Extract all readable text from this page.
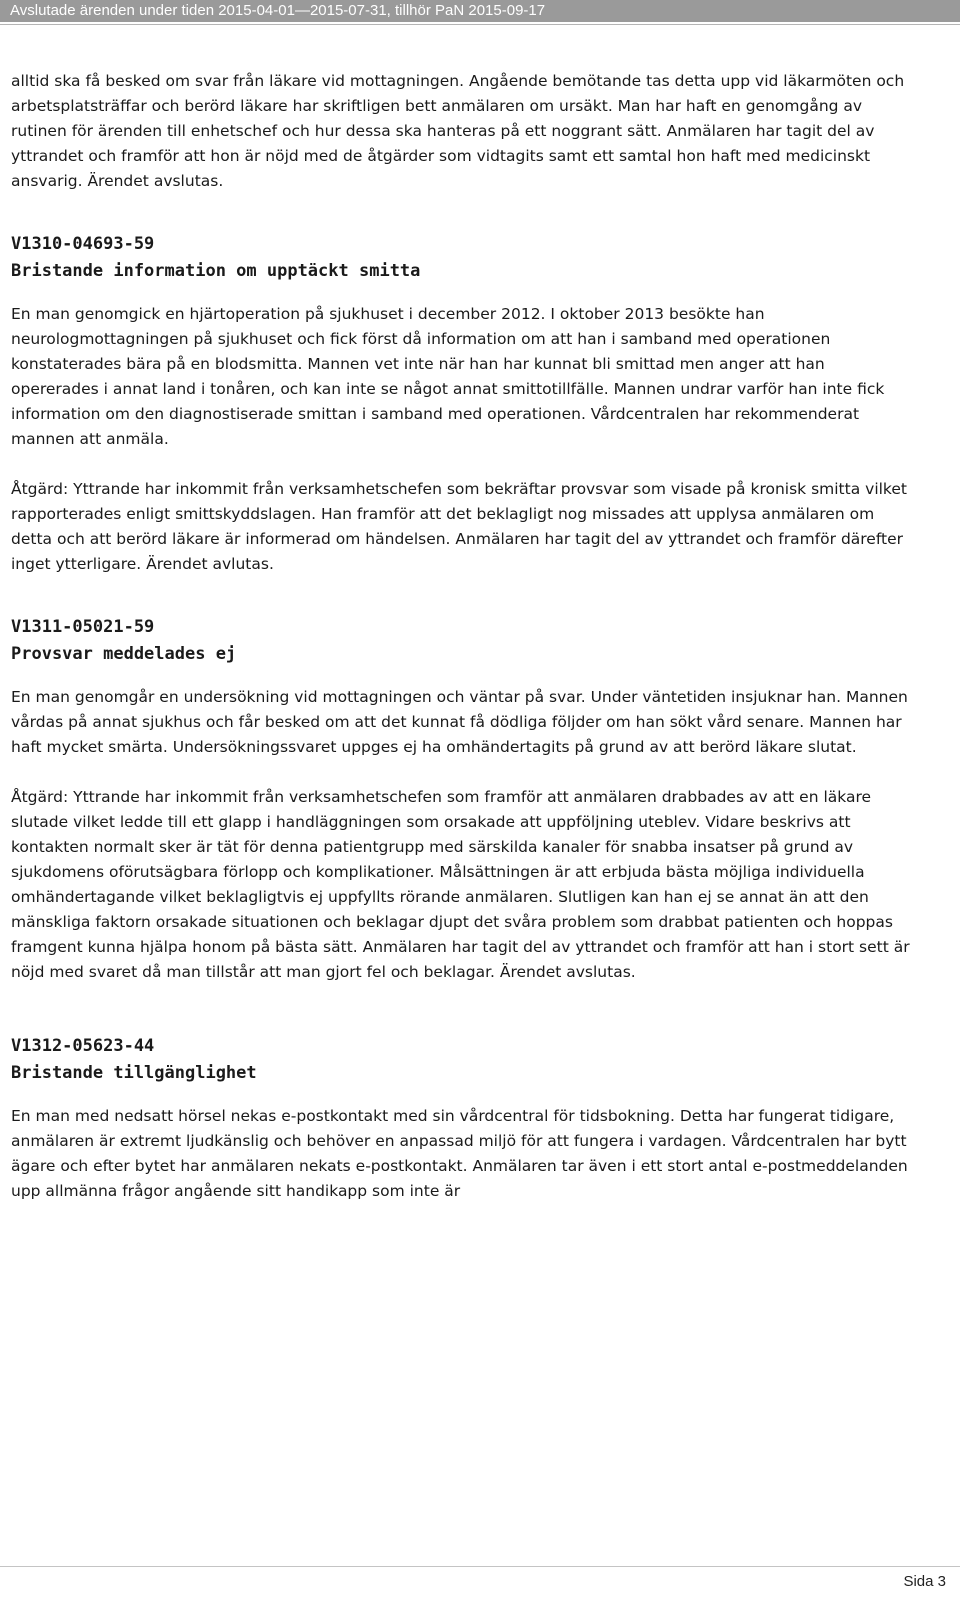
Avslutade ärenden under tiden 2015-04-01—2015-07-31, tillhör PaN 2015-09-17

alltid ska få besked om svar från läkare vid mottagningen. Angående bemötande tas detta upp vid läkarmöten och arbetsplatsträffar och berörd läkare har skriftligen bett anmälaren om ursäkt. Man har haft en genomgång av rutinen för ärenden till enhetschef och hur dessa ska hanteras på ett noggrant sätt. Anmälaren har tagit del av yttrandet och framför att hon är nöjd med de åtgärder som vidtagits samt ett samtal hon haft med medicinskt ansvarig. Ärendet avslutas.

V1310-04693-59
Bristande information om upptäckt smitta

En man genomgick en hjärtoperation på sjukhuset i december 2012. I oktober 2013 besökte han neurologmottagningen på sjukhuset och fick först då information om att han i samband med operationen konstaterades bära på en blodsmitta. Mannen vet inte när han har kunnat bli smittad men anger att han opererades i annat land i tonåren, och kan inte se något annat smittotillfälle. Mannen undrar varför han inte fick information om den diagnostiserade smittan i samband med operationen. Vårdcentralen har rekommenderat mannen att anmäla.

Åtgärd: Yttrande har inkommit från verksamhetschefen som bekräftar provsvar som visade på kronisk smitta vilket rapporterades enligt smittskyddslagen. Han framför att det beklagligt nog missades att upplysa anmälaren om detta och att berörd läkare är informerad om händelsen. Anmälaren har tagit del av yttrandet och framför därefter inget ytterligare. Ärendet avlutas.

V1311-05021-59
Provsvar meddelades ej

En man genomgår en undersökning vid mottagningen och väntar på svar. Under väntetiden insjuknar han. Mannen vårdas på annat sjukhus och får besked om att det kunnat få dödliga följder om han sökt vård senare. Mannen har haft mycket smärta. Undersökningssvaret uppges ej ha omhändertagits på grund av att berörd läkare slutat.

Åtgärd: Yttrande har inkommit från verksamhetschefen som framför att anmälaren drabbades av att en läkare slutade vilket ledde till ett glapp i handläggningen som orsakade att uppföljning uteblev. Vidare beskrivs att kontakten normalt sker är tät för denna patientgrupp med särskilda kanaler för snabba insatser på grund av sjukdomens oförutsägbara förlopp och komplikationer. Målsättningen är att erbjuda bästa möjliga individuella omhändertagande vilket beklagligtvis ej uppfyllts rörande anmälaren. Slutligen kan han ej se annat än att den mänskliga faktorn orsakade situationen och beklagar djupt det svåra problem som drabbat patienten och hoppas framgent kunna hjälpa honom på bästa sätt. Anmälaren har tagit del av yttrandet och framför att han i stort sett är nöjd med svaret då man tillstår att man gjort fel och beklagar. Ärendet avslutas.

V1312-05623-44
Bristande tillgänglighet

En man med nedsatt hörsel nekas e-postkontakt med sin vårdcentral för tidsbokning. Detta har fungerat tidigare, anmälaren är extremt ljudkänslig och behöver en anpassad miljö för att fungera i vardagen. Vårdcentralen har bytt ägare och efter bytet har anmälaren nekats e-postkontakt. Anmälaren tar även i ett stort antal e-postmeddelanden upp allmänna frågor angående sitt handikapp som inte är

Sida 3
